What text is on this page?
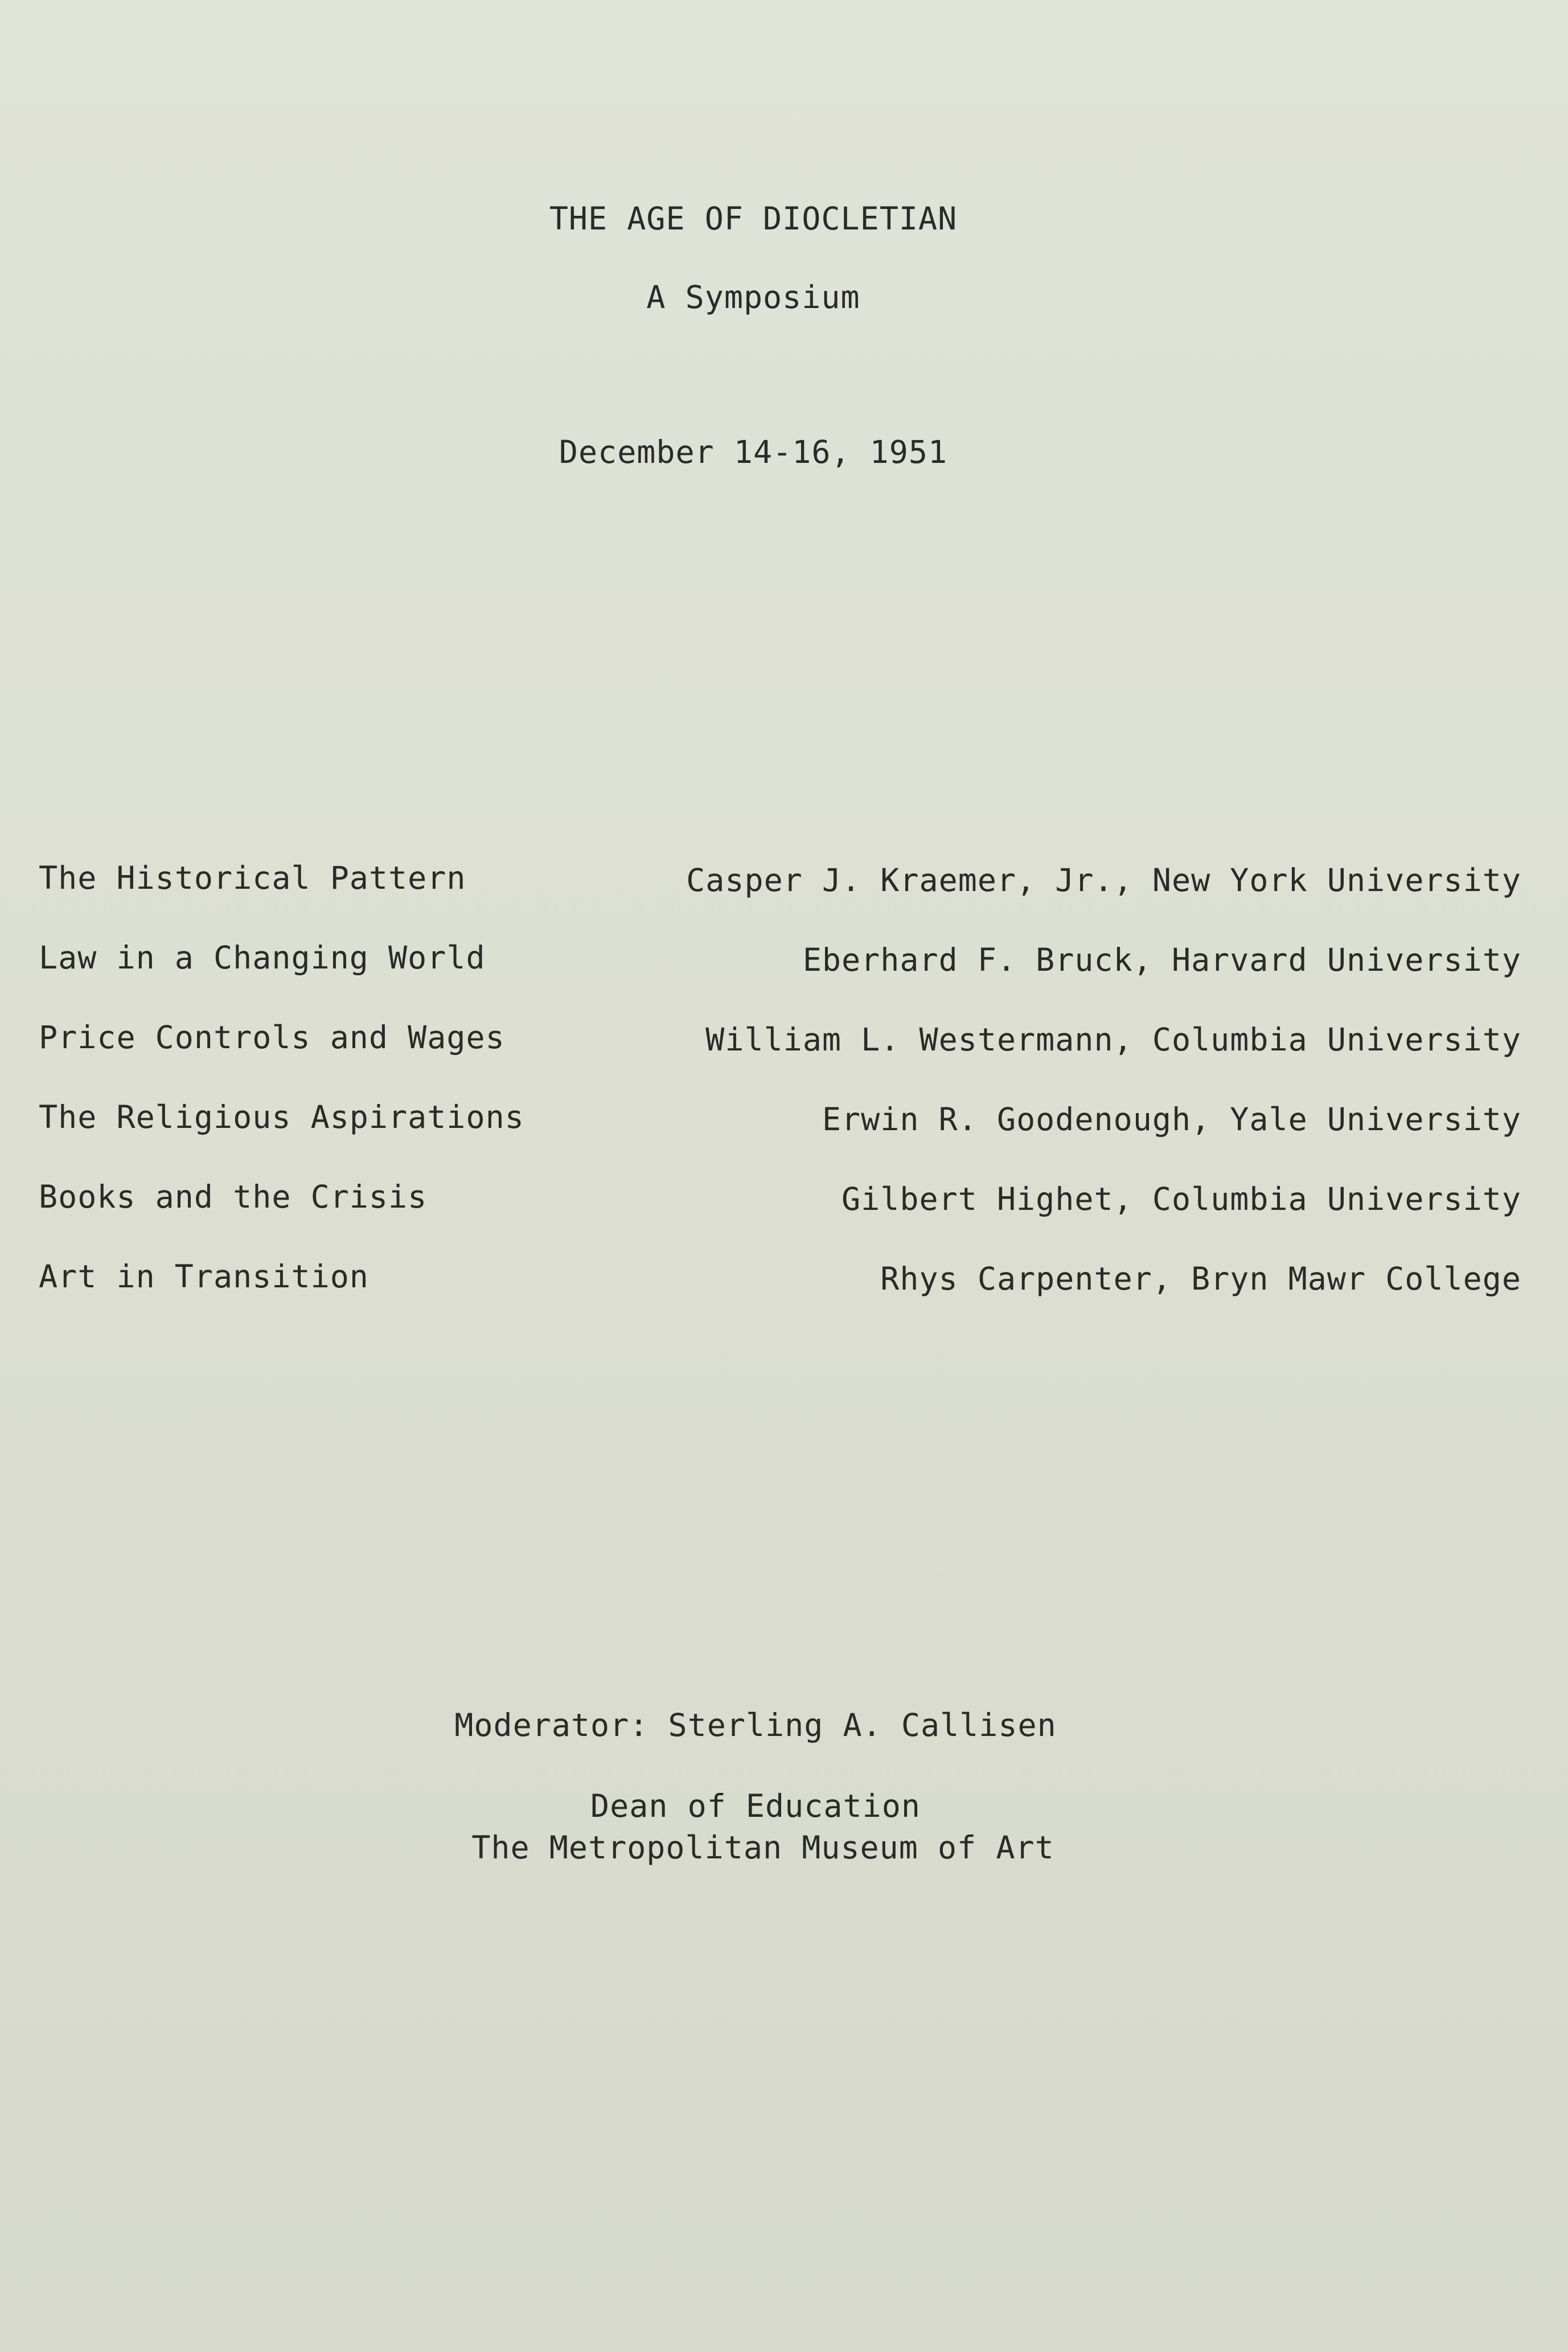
THE AGE OF DIOCLETIAN
A Symposium
December 14-16, 1951
The Historical Pattern	Casper J. Kraemer, Jr., New York University
Law in a Changing World	Eberhard F. Bruck, Harvard University
Price Controls and Wages	William L. Westermann, Columbia University
The Religious Aspirations	Erwin R. Goodenough, Yale University
Books and the Crisis	Gilbert Highet, Columbia University
Art in Transition	Rhys Carpenter, Bryn Mawr College
Moderator: Sterling A. Callisen
Dean of Education
The Metropolitan Museum of Art
